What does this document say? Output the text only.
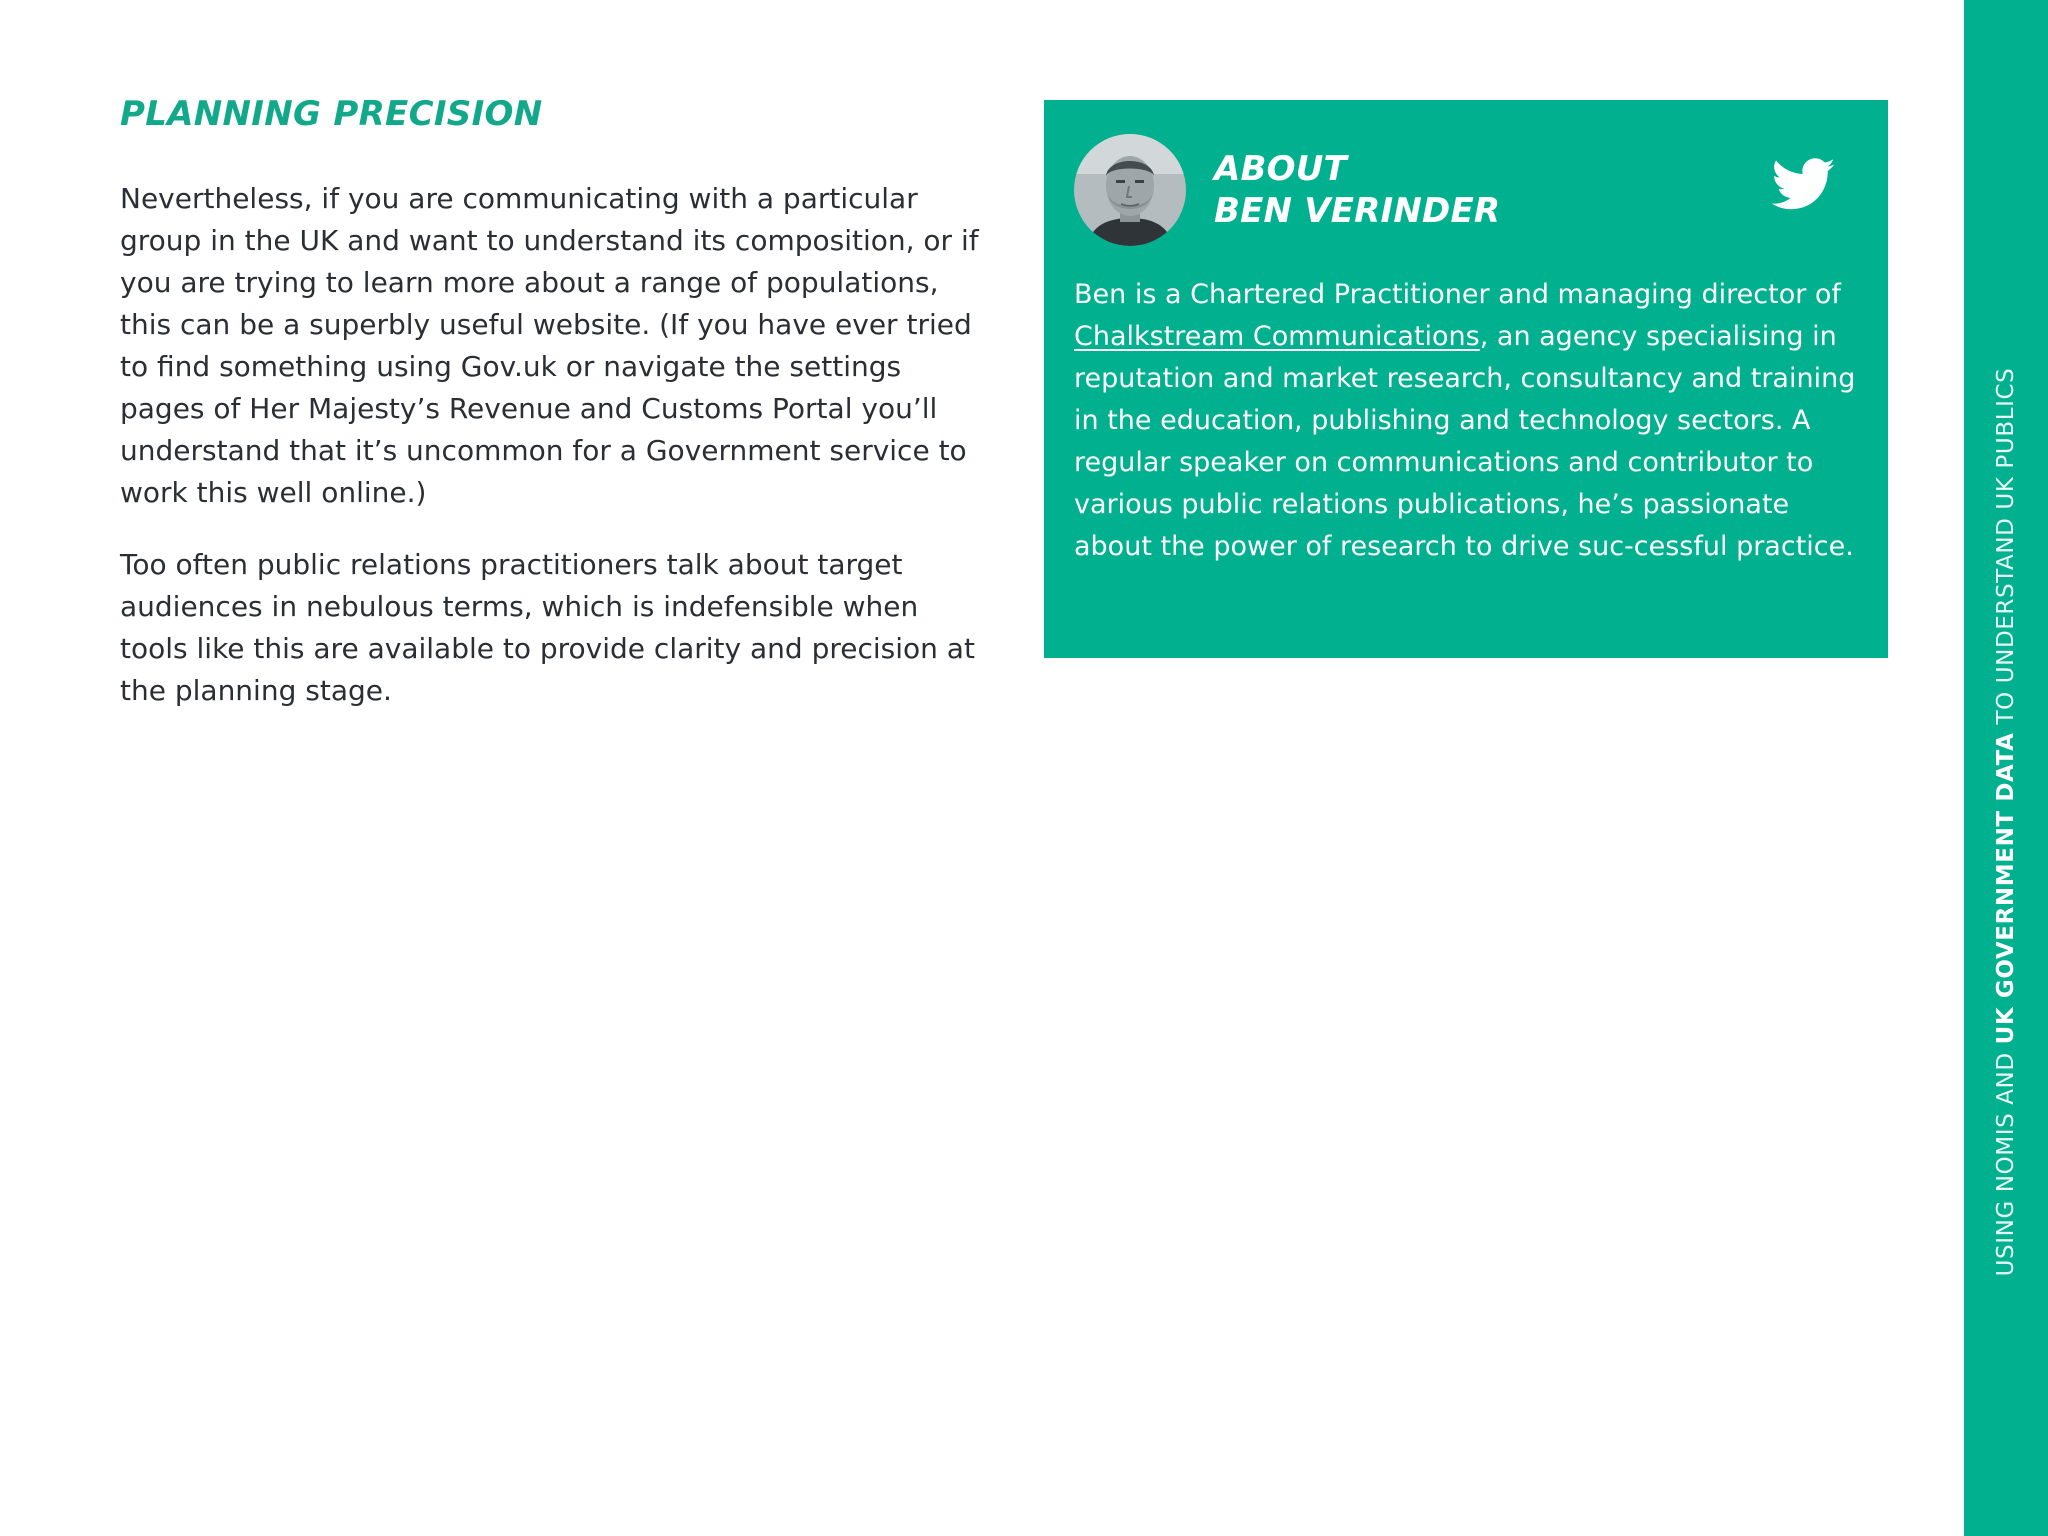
PLANNING PRECISION

Nevertheless, if you are communicating with a particular group in the UK and want to understand its composition, or if you are trying to learn more about a range of populations, this can be a superbly useful website. (If you have ever tried to find something using Gov.uk or navigate the settings pages of Her Majesty’s Revenue and Customs Portal you’ll understand that it’s uncommon for a Government service to work this well online.)

Too often public relations practitioners talk about target audiences in nebulous terms, which is indefensible when tools like this are available to provide clarity and precision at the planning stage.

ABOUT
BEN VERINDER

Ben is a Chartered Practitioner and managing director of Chalkstream Communications, an agency specialising in reputation and market research, consultancy and training in the education, publishing and technology sectors. A regular speaker on communications and contributor to various public relations publications, he’s passionate about the power of research to drive suc-cessful practice.

USING NOMIS AND UK GOVERNMENT DATA TO UNDERSTAND UK PUBLICS
